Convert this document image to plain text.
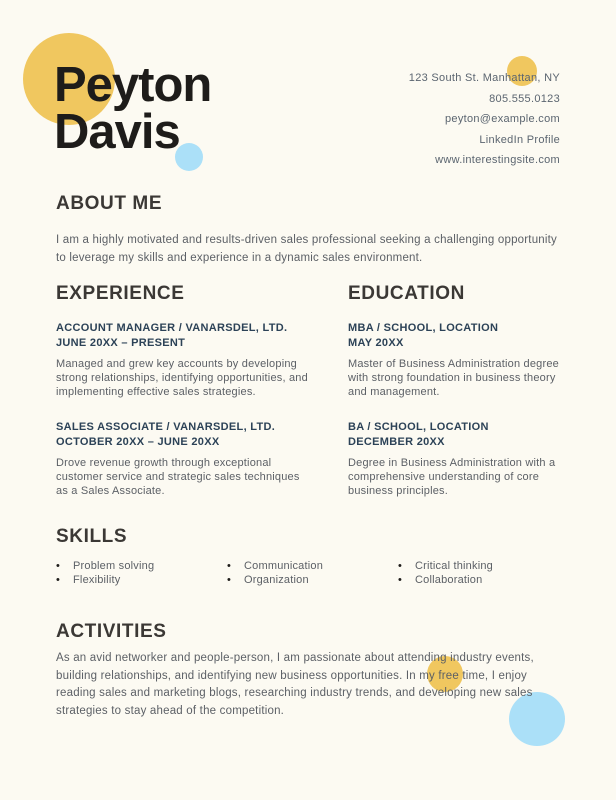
Peyton
Davis
123 South St. Manhattan, NY
805.555.0123
peyton@example.com
LinkedIn Profile
www.interestingsite.com
ABOUT ME

I am a highly motivated and results-driven sales professional seeking a challenging opportunity to leverage my skills and experience in a dynamic sales environment.

EXPERIENCE
ACCOUNT MANAGER / VANARSDEL, LTD.
JUNE 20XX – PRESENT

Managed and grew key accounts by developing strong relationships, identifying opportunities, and implementing effective sales strategies.

SALES ASSOCIATE / VANARSDEL, LTD.
OCTOBER 20XX – JUNE 20XX

Drove revenue growth through exceptional customer service and strategic sales techniques as a Sales Associate.

EDUCATION
MBA / SCHOOL, LOCATION
MAY 20XX

Master of Business Administration degree with strong foundation in business theory and management.

BA / SCHOOL, LOCATION
DECEMBER 20XX

Degree in Business Administration with a comprehensive understanding of core business principles.

SKILLS
• Problem solving
• Flexibility
• Communication
• Organization
• Critical thinking
• Collaboration
ACTIVITIES

As an avid networker and people-person, I am passionate about attending industry events, building relationships, and identifying new business opportunities. In my free time, I enjoy reading sales and marketing blogs, researching industry trends, and developing new sales strategies to stay ahead of the competition.
